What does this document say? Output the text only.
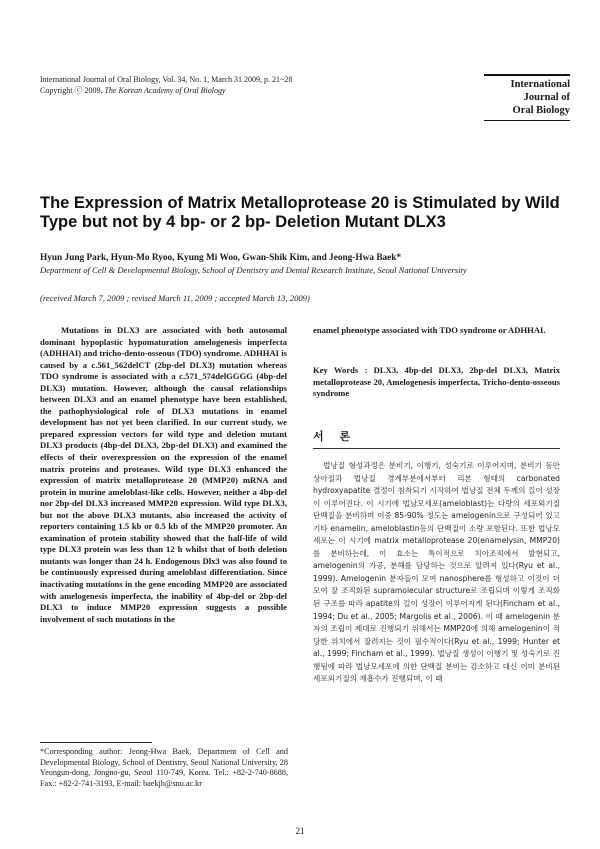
International Journal of Oral Biology, Vol. 34, No. 1, March 31 2009, p. 21~28
Copyright ⓒ 2009, The Korean Academy of Oral Biology
International
Journal of
Oral Biology
The Expression of Matrix Metalloprotease 20 is Stimulated by Wild Type but not by 4 bp- or 2 bp- Deletion Mutant DLX3
Hyun Jung Park, Hyun-Mo Ryoo, Kyung Mi Woo, Gwan-Shik Kim, and Jeong-Hwa Baek*
Department of Cell & Developmental Biology, School of Dentistry and Dental Research Institute, Seoul National University
(received March 7, 2009 ; revised March 11, 2009 ; accepted March 13, 2009)

Mutations in DLX3 are associated with both autosomal dominant hypoplastic hypomaturation amelogenesis imperfecta (ADHHAI) and tricho-dento-osseous (TDO) syndrome. ADHHAI is caused by a c.561_562delCT (2bp-del DLX3) mutation whereas TDO syndrome is associated with a c.571_574delGGGG (4bp-del DLX3) mutation. However, although the causal relationships between DLX3 and an enamel phenotype have been established, the pathophysiological role of DLX3 mutations in enamel development has not yet been clarified. In our current study, we prepared expression vectors for wild type and deletion mutant DLX3 products (4bp-del DLX3, 2bp-del DLX3) and examined the effects of their overexpression on the expression of the enamel matrix proteins and proteases. Wild type DLX3 enhanced the expression of matrix metalloprotease 20 (MMP20) mRNA and protein in murine ameloblast-like cells. However, neither a 4bp-del nor 2bp-del DLX3 increased MMP20 expression. Wild type DLX3, but not the above DLX3 mutants, also increased the activity of reporters containing 1.5 kb or 0.5 kb of the MMP20 promoter. An examination of protein stability showed that the half-life of wild type DLX3 protein was less than 12 h whilst that of both deletion mutants was longer than 24 h. Endogenous Dlx3 was also found to be continuously expressed during ameloblast differentiation. Since inactivating mutations in the gene encoding MMP20 are associated with amelogenesis imperfecta, the inability of 4bp-del or 2bp-del DLX3 to induce MMP20 expression suggests a possible involvement of such mutations in the

*Corresponding author: Jeong-Hwa Baek, Department of Cell and Developmental Biology, School of Dentistry, Seoul National University, 28 Yeongun-dong, Jongno-gu, Seoul 110-749, Korea. Tel.: +82-2-740-8688, Fax.: +82-2-741-3193, E-mail: baekjh@snu.ac.kr

enamel phenotype associated with TDO syndrome or ADHHAI.

Key Words : DLX3, 4bp-del DLX3, 2bp-del DLX3, Matrix metalloprotease 20, Amelogenesis imperfecta, Tricho-dento-osseous syndrome

서 론

법낭질 형성과정은 분비기, 이행기, 성숙기로 이루어지며, 분비기 동안 상아질과 법낭질 경계부분에서부터 리본 형태의 carbonated hydroxyapatite 결정이 침착되기 시작하여 법낭질 전체 두께의 길이 성장이 이루어진다. 이 시기에 법낭모세포(ameloblast)는 다량의 세포외기질 단백질을 분비하며 이중 85-90% 정도는 amelogenin으로 구성되어 있고 기타 enamelin, ameloblastin등의 단백질이 소량 포함된다. 또한 법낭모세포는 이 시기에 matrix metalloprotease 20(enamelysin, MMP20)를 분비하는데, 이 효소는 특이적으로 치아조직에서 발현되고, amelogenin의 가공, 분해를 담당하는 것으로 알려져 있다(Ryu et al., 1999). Amelogenin 분자들이 모여 nanosphere를 형성하고 이것이 더 모여 잘 조직화된 supramolecular structure로 조립되며 이렇게 조직화된 구조를 따라 apatite의 길이 성장이 이루어지게 된다(Fincham et al., 1994; Du et al., 2005; Margolis et al., 2006). 이 때 amelogenin 분자의 조립이 제대로 진행되기 위해서는 MMP20에 의해 amelogenin이 적당한 위치에서 잘려지는 것이 필수적이다(Ryu et al., 1999; Hunter et al., 1999; Fincham et al., 1999). 법낭질 생성이 이행기 및 성숙기로 진행됨에 따라 법낭모세포에 의한 단백질 분비는 감소하고 대신 이미 분비된 세포외기질의 재흡수가 진행되며, 이 때

21
